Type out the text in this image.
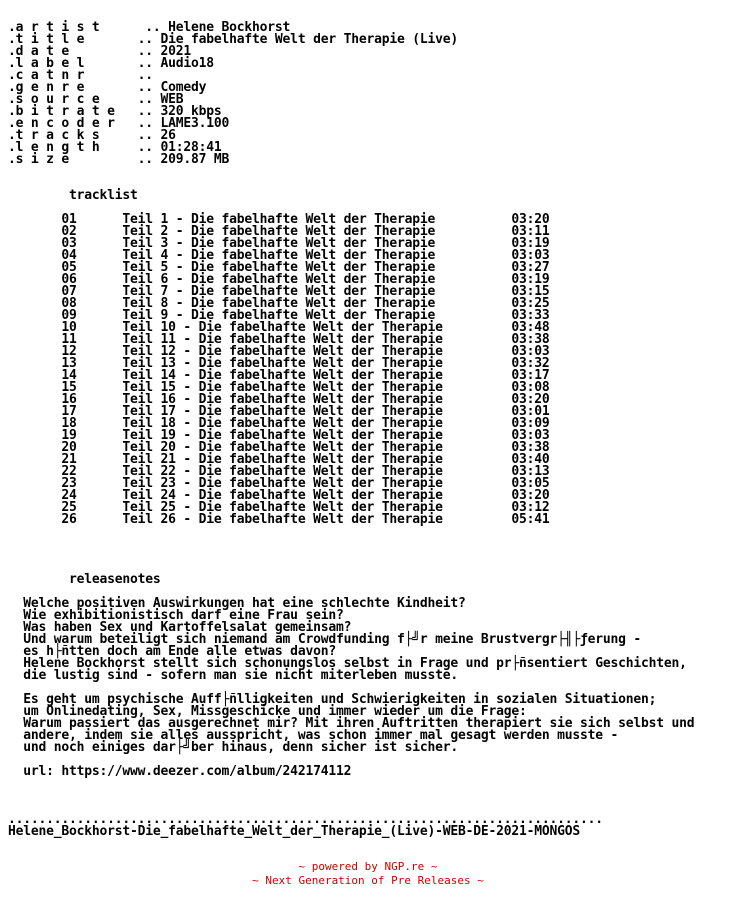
.a r t i s t      .. Helene Bockhorst
.t i t l e       .. Die fabelhafte Welt der Therapie (Live)
.d a t e         .. 2021
.l a b e l       .. Audio18
.c a t n r       ..
.g e n r e       .. Comedy
.s o u r c e     .. WEB
.b i t r a t e   .. 320 kbps
.e n c o d e r   .. LAME3.100
.t r a c k s     .. 26
.l e n g t h     .. 01:28:41
.s i z e         .. 209.87 MB

tracklist

01      Teil 1 - Die fabelhafte Welt der Therapie          03:20
02      Teil 2 - Die fabelhafte Welt der Therapie          03:11
03      Teil 3 - Die fabelhafte Welt der Therapie          03:19
04      Teil 4 - Die fabelhafte Welt der Therapie          03:03
05      Teil 5 - Die fabelhafte Welt der Therapie          03:27
06      Teil 6 - Die fabelhafte Welt der Therapie          03:19
07      Teil 7 - Die fabelhafte Welt der Therapie          03:15
08      Teil 8 - Die fabelhafte Welt der Therapie          03:25
09      Teil 9 - Die fabelhafte Welt der Therapie          03:33
10      Teil 10 - Die fabelhafte Welt der Therapie         03:48
11      Teil 11 - Die fabelhafte Welt der Therapie         03:38
12      Teil 12 - Die fabelhafte Welt der Therapie         03:03
13      Teil 13 - Die fabelhafte Welt der Therapie         03:32
14      Teil 14 - Die fabelhafte Welt der Therapie         03:17
15      Teil 15 - Die fabelhafte Welt der Therapie         03:08
16      Teil 16 - Die fabelhafte Welt der Therapie         03:20
17      Teil 17 - Die fabelhafte Welt der Therapie         03:01
18      Teil 18 - Die fabelhafte Welt der Therapie         03:09
19      Teil 19 - Die fabelhafte Welt der Therapie         03:03
20      Teil 20 - Die fabelhafte Welt der Therapie         03:38
21      Teil 21 - Die fabelhafte Welt der Therapie         03:40
22      Teil 22 - Die fabelhafte Welt der Therapie         03:13
23      Teil 23 - Die fabelhafte Welt der Therapie         03:05
24      Teil 24 - Die fabelhafte Welt der Therapie         03:20
25      Teil 25 - Die fabelhafte Welt der Therapie         03:12
26      Teil 26 - Die fabelhafte Welt der Therapie         05:41

releasenotes

Welche positiven Auswirkungen hat eine schlechte Kindheit?
Wie exhibitionistisch darf eine Frau sein?
Was haben Sex und Kartoffelsalat gemeinsam?
Und warum beteiligt sich niemand am Crowdfunding f├╝r meine Brustvergr├╢├ƒerung -
es h├ñtten doch am Ende alle etwas davon?
Helene Bockhorst stellt sich schonungslos selbst in Frage und pr├ñsentiert Geschichten,
die lustig sind - sofern man sie nicht miterleben musste.

Es geht um psychische Auff├ñlligkeiten und Schwierigkeiten in sozialen Situationen;
um Onlinedating, Sex, Missgeschicke und immer wieder um die Frage:
Warum passiert das ausgerechnet mir? Mit ihren Auftritten therapiert sie sich selbst und
andere, indem sie alles ausspricht, was schon immer mal gesagt werden musste -
und noch einiges dar├╝ber hinaus, denn sicher ist sicher.

url: https://www.deezer.com/album/242174112

..............................................................................
Helene_Bockhorst-Die_fabelhafte_Welt_der_Therapie_(Live)-WEB-DE-2021-MONGOS
~ powered by NGP.re ~
~ Next Generation of Pre Releases ~
